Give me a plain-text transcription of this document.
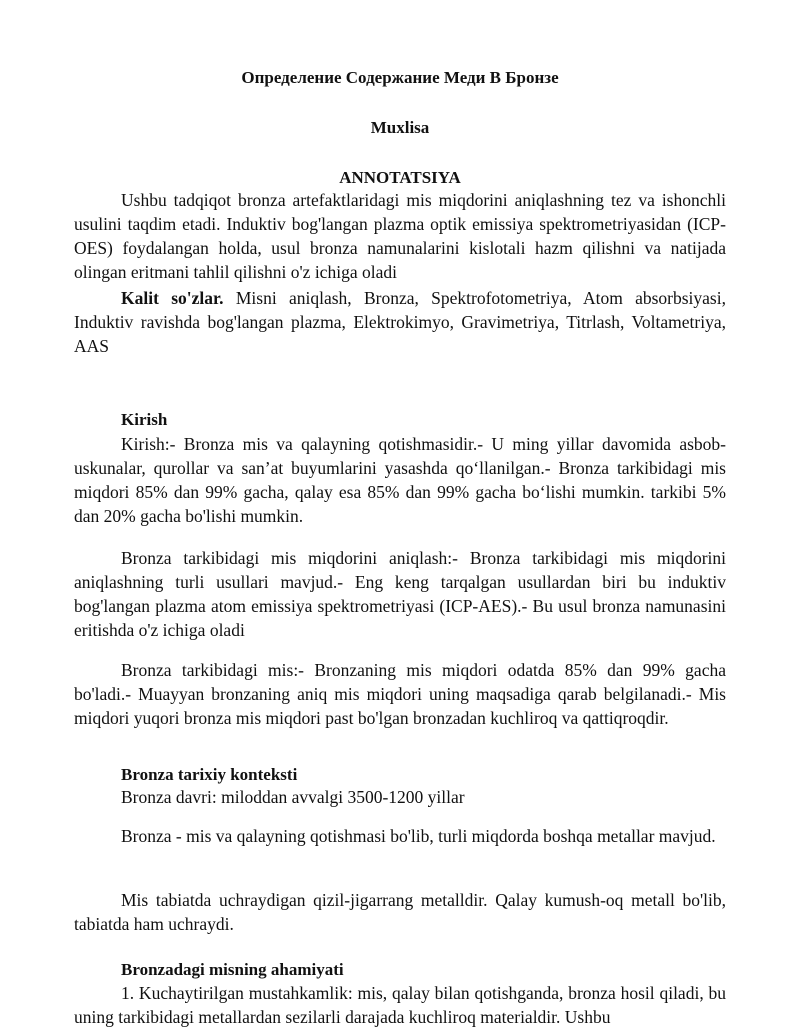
Определение Содержание Меди В Бронзе
Muxlisa
ANNOTATSIYA
Ushbu tadqiqot bronza artefaktlaridagi mis miqdorini aniqlashning tez va ishonchli usulini taqdim etadi. Induktiv bog'langan plazma optik emissiya spektrometriyasidan (ICP-OES) foydalangan holda, usul bronza namunalarini kislotali hazm qilishni va natijada olingan eritmani tahlil qilishni o'z ichiga oladi
Kalit so'zlar. Misni aniqlash, Bronza, Spektrofotometriya, Atom absorbsiyasi, Induktiv ravishda bog'langan plazma, Elektrokimyo, Gravimetriya, Titrlash, Voltametriya, AAS
Kirish
Kirish:- Bronza mis va qalayning qotishmasidir.- U ming yillar davomida asbob-uskunalar, qurollar va san’at buyumlarini yasashda qo‘llanilgan.- Bronza tarkibidagi mis miqdori 85% dan 99% gacha, qalay esa 85% dan 99% gacha bo‘lishi mumkin. tarkibi 5% dan 20% gacha bo'lishi mumkin.
Bronza tarkibidagi mis miqdorini aniqlash:- Bronza tarkibidagi mis miqdorini aniqlashning turli usullari mavjud.- Eng keng tarqalgan usullardan biri bu induktiv bog'langan plazma atom emissiya spektrometriyasi (ICP-AES).- Bu usul bronza namunasini eritishda o'z ichiga oladi
Bronza tarkibidagi mis:- Bronzaning mis miqdori odatda 85% dan 99% gacha bo'ladi.- Muayyan bronzaning aniq mis miqdori uning maqsadiga qarab belgilanadi.- Mis miqdori yuqori bronza mis miqdori past bo'lgan bronzadan kuchliroq va qattiqroqdir.
Bronza tarixiy konteksti
Bronza davri: miloddan avvalgi 3500-1200 yillar
Bronza - mis va qalayning qotishmasi bo'lib, turli miqdorda boshqa metallar mavjud.
Mis tabiatda uchraydigan qizil-jigarrang metalldir. Qalay kumush-oq metall bo'lib, tabiatda ham uchraydi.
Bronzadagi misning ahamiyati
1. Kuchaytirilgan mustahkamlik: mis, qalay bilan qotishganda, bronza hosil qiladi, bu uning tarkibidagi metallardan sezilarli darajada kuchliroq materialdir. Ushbu
